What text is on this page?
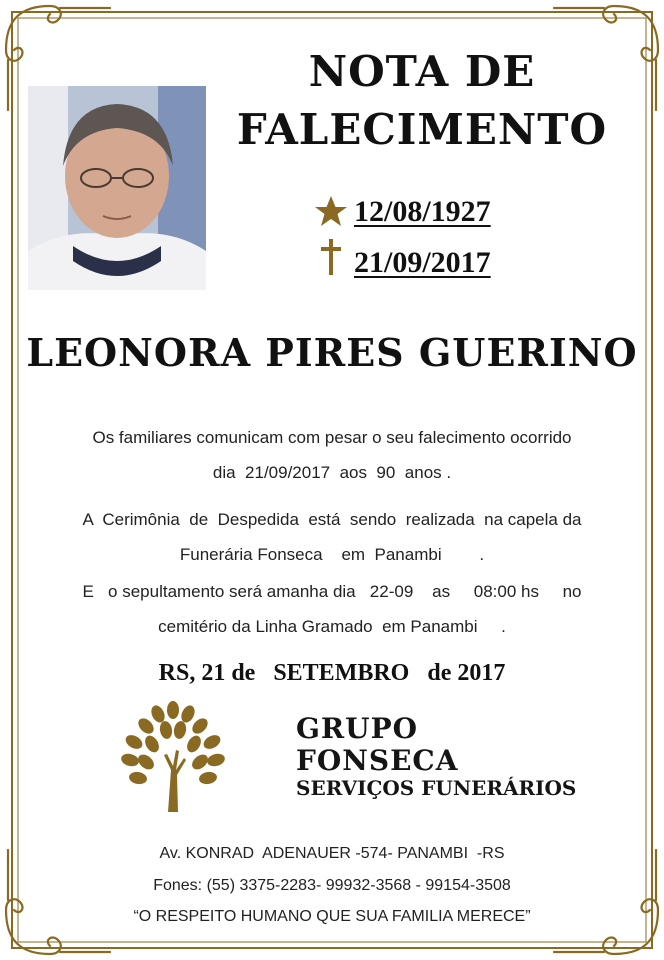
NOTA DE
FALECIMENTO
12/08/1927
21/09/2017
LEONORA PIRES GUERINO
Os familiares comunicam com pesar o seu falecimento ocorrido
dia  21/09/2017  aos  90  anos .
A  Cerimônia  de  Despedida  está  sendo  realizada  na capela da
Funerária Fonseca    em  Panambi        .
E   o sepultamento será amanha dia   22-09    as     08:00 hs     no
cemitério da Linha Gramado  em Panambi     .
RS, 21 de   SETEMBRO   de 2017
GRUPO
FONSECA
SERVIÇOS FUNERÁRIOS
Av. KONRAD  ADENAUER -574- PANAMBI  -RS
Fones: (55) 3375-2283- 99932-3568 - 99154-3508
“O RESPEITO HUMANO QUE SUA FAMILIA MERECE”
